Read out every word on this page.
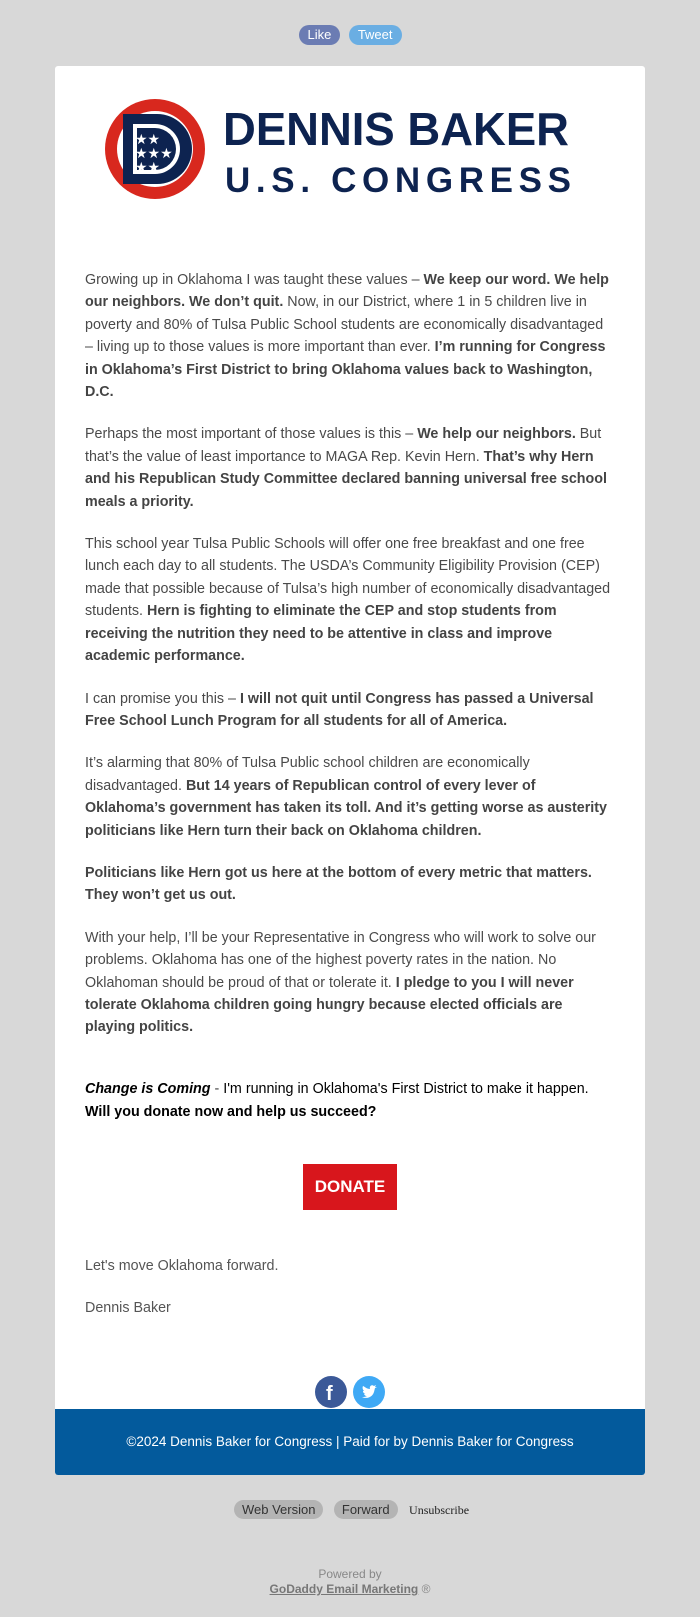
Like Tweet
★★
★★★
★★
DENNIS BAKER
U.S. CONGRESS

Growing up in Oklahoma I was taught these values – We keep our word. We help our neighbors. We don’t quit. Now, in our District, where 1 in 5 children live in poverty and 80% of Tulsa Public School students are economically disadvantaged – living up to those values is more important than ever. I’m running for Congress in Oklahoma’s First District to bring Oklahoma values back to Washington, D.C.

Perhaps the most important of those values is this – We help our neighbors. But that’s the value of least importance to MAGA Rep. Kevin Hern. That’s why Hern and his Republican Study Committee declared banning universal free school meals a priority.

This school year Tulsa Public Schools will offer one free breakfast and one free lunch each day to all students. The USDA’s Community Eligibility Provision (CEP) made that possible because of Tulsa’s high number of economically disadvantaged students. Hern is fighting to eliminate the CEP and stop students from receiving the nutrition they need to be attentive in class and improve academic performance.

I can promise you this – I will not quit until Congress has passed a Universal Free School Lunch Program for all students for all of America.

It’s alarming that 80% of Tulsa Public school children are economically disadvantaged. But 14 years of Republican control of every lever of Oklahoma’s government has taken its toll. And it’s getting worse as austerity politicians like Hern turn their back on Oklahoma children.

Politicians like Hern got us here at the bottom of every metric that matters. They won’t get us out.

With your help, I’ll be your Representative in Congress who will work to solve our problems. Oklahoma has one of the highest poverty rates in the nation. No Oklahoman should be proud of that or tolerate it. I pledge to you I will never tolerate Oklahoma children going hungry because elected officials are playing politics.

Change is Coming - I'm running in Oklahoma's First District to make it happen.
Will you donate now and help us succeed?
DONATE
Let's move Oklahoma forward.
Dennis Baker
f

©2024 Dennis Baker for Congress | Paid for by Dennis Baker for Congress
Web Version Forward Unsubscribe
Powered by
GoDaddy Email Marketing ®
